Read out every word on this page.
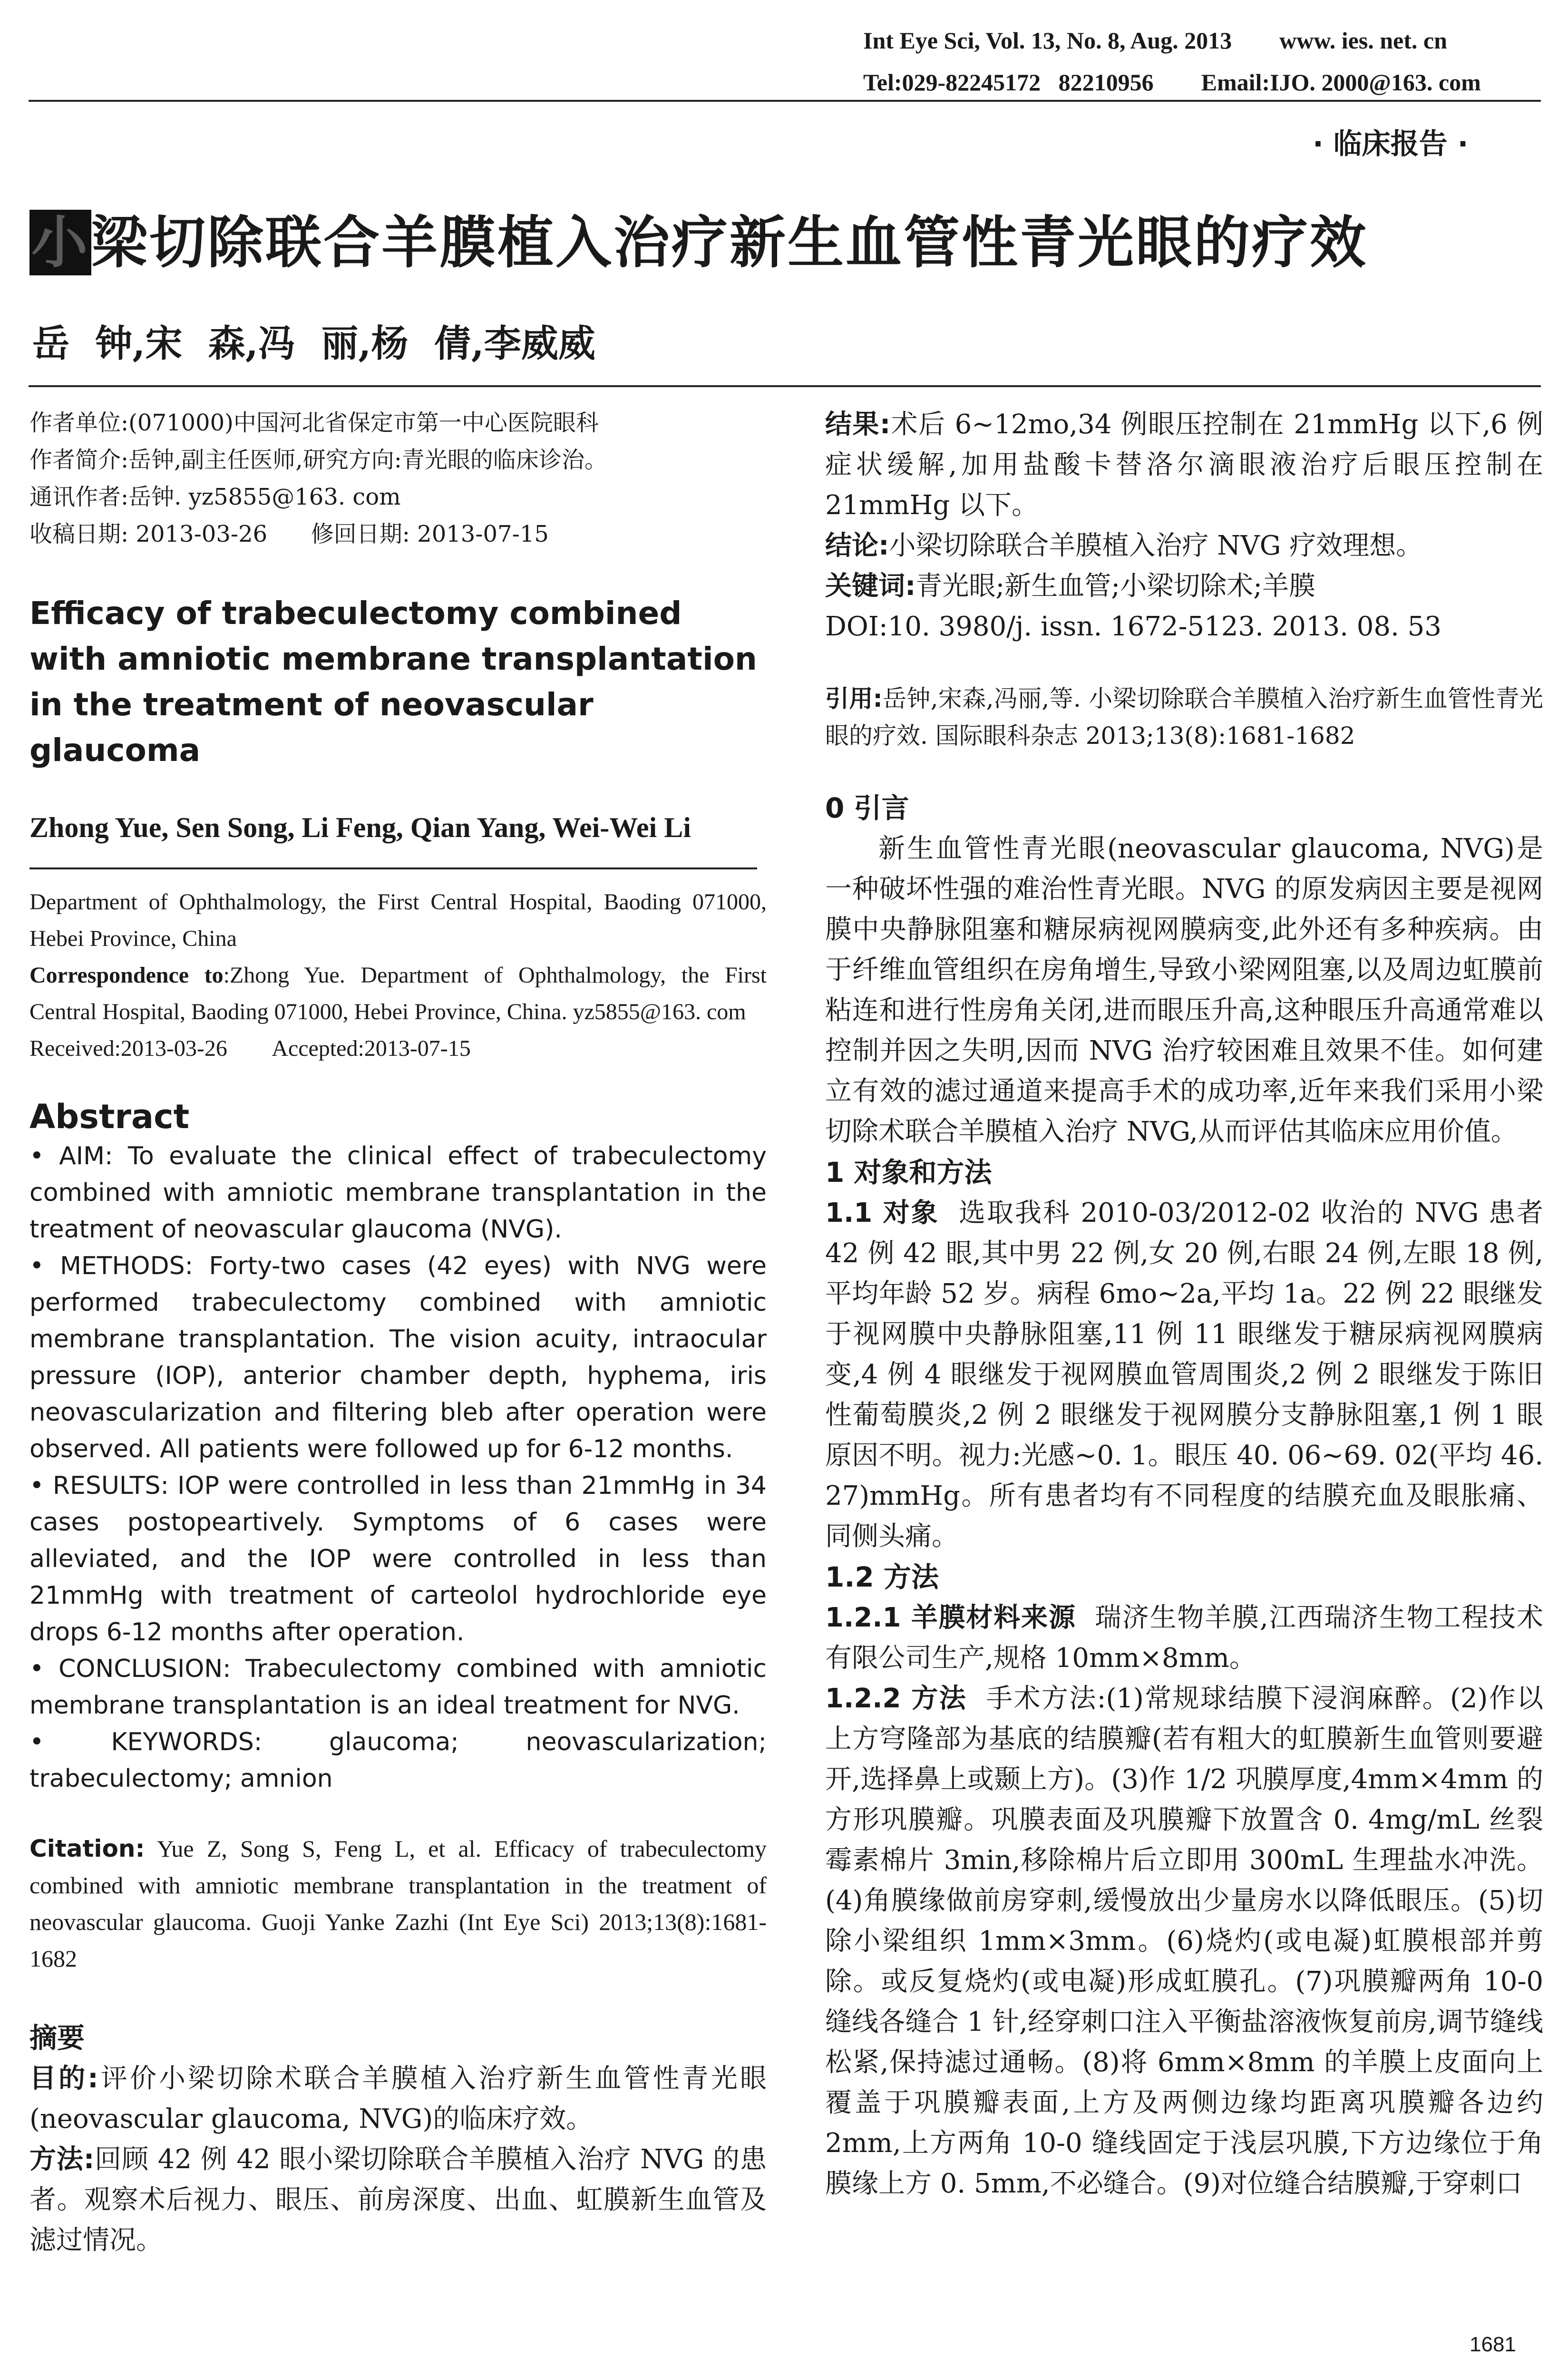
Int Eye Sci, Vol. 13, No. 8, Aug. 2013        www. ies. net. cn
Tel:029-82245172   82210956        Email:IJO. 2000@163. com
· 临床报告 ·
小梁切除联合羊膜植入治疗新生血管性青光眼的疗效
岳  钟,宋  森,冯  丽,杨  倩,李威威

作者单位:(071000)中国河北省保定市第一中心医院眼科

作者简介:岳钟,副主任医师,研究方向:青光眼的临床诊治。

通讯作者:岳钟. yz5855@163. com

收稿日期: 2013-03-26      修回日期: 2013-07-15

Efficacy of trabeculectomy combined with amniotic membrane transplantation in the treatment of neovascular glaucoma
Zhong Yue, Sen Song, Li Feng, Qian Yang, Wei-Wei Li

Department of Ophthalmology, the First Central Hospital, Baoding 071000, Hebei Province, China

Correspondence to:Zhong Yue. Department of Ophthalmology, the First Central Hospital, Baoding 071000, Hebei Province, China. yz5855@163. com

Received:2013-03-26        Accepted:2013-07-15

Abstract

• AIM: To evaluate the clinical effect of trabeculectomy combined with amniotic membrane transplantation in the treatment of neovascular glaucoma (NVG).

• METHODS: Forty-two cases (42 eyes) with NVG were performed trabeculectomy combined with amniotic membrane transplantation. The vision acuity, intraocular pressure (IOP), anterior chamber depth, hyphema, iris neovascularization and filtering bleb after operation were observed. All patients were followed up for 6-12 months.

• RESULTS: IOP were controlled in less than 21mmHg in 34 cases postopeartively. Symptoms of 6 cases were alleviated, and the IOP were controlled in less than 21mmHg with treatment of carteolol hydrochloride eye drops 6-12 months after operation.

• CONCLUSION: Trabeculectomy combined with amniotic membrane transplantation is an ideal treatment for NVG.

• KEYWORDS: glaucoma; neovascularization; trabeculectomy; amnion

Citation: Yue Z, Song S, Feng L, et al. Efficacy of trabeculectomy combined with amniotic membrane transplantation in the treatment of neovascular glaucoma. Guoji Yanke Zazhi (Int Eye Sci) 2013;13(8):1681-1682
摘要

目的:评价小梁切除术联合羊膜植入治疗新生血管性青光眼(neovascular glaucoma, NVG)的临床疗效。

方法:回顾 42 例 42 眼小梁切除联合羊膜植入治疗 NVG 的患者。观察术后视力、眼压、前房深度、出血、虹膜新生血管及滤过情况。

结果:术后 6~12mo,34 例眼压控制在 21mmHg 以下,6 例症状缓解,加用盐酸卡替洛尔滴眼液治疗后眼压控制在 21mmHg 以下。

结论:小梁切除联合羊膜植入治疗 NVG 疗效理想。

关键词:青光眼;新生血管;小梁切除术;羊膜

DOI:10. 3980/j. issn. 1672-5123. 2013. 08. 53

引用:岳钟,宋森,冯丽,等. 小梁切除联合羊膜植入治疗新生血管性青光眼的疗效. 国际眼科杂志 2013;13(8):1681-1682
0 引言

新生血管性青光眼(neovascular glaucoma, NVG)是一种破坏性强的难治性青光眼。NVG 的原发病因主要是视网膜中央静脉阻塞和糖尿病视网膜病变,此外还有多种疾病。由于纤维血管组织在房角增生,导致小梁网阻塞,以及周边虹膜前粘连和进行性房角关闭,进而眼压升高,这种眼压升高通常难以控制并因之失明,因而 NVG 治疗较困难且效果不佳。如何建立有效的滤过通道来提高手术的成功率,近年来我们采用小梁切除术联合羊膜植入治疗 NVG,从而评估其临床应用价值。

1 对象和方法

1.1 对象 选取我科 2010-03/2012-02 收治的 NVG 患者 42 例 42 眼,其中男 22 例,女 20 例,右眼 24 例,左眼 18 例,平均年龄 52 岁。病程 6mo~2a,平均 1a。22 例 22 眼继发于视网膜中央静脉阻塞,11 例 11 眼继发于糖尿病视网膜病变,4 例 4 眼继发于视网膜血管周围炎,2 例 2 眼继发于陈旧性葡萄膜炎,2 例 2 眼继发于视网膜分支静脉阻塞,1 例 1 眼原因不明。视力:光感~0. 1。眼压 40. 06~69. 02(平均 46. 27)mmHg。所有患者均有不同程度的结膜充血及眼胀痛、同侧头痛。

1.2 方法

1.2.1 羊膜材料来源 瑞济生物羊膜,江西瑞济生物工程技术有限公司生产,规格 10mm×8mm。

1.2.2 方法 手术方法:(1)常规球结膜下浸润麻醉。(2)作以上方穹隆部为基底的结膜瓣(若有粗大的虹膜新生血管则要避开,选择鼻上或颞上方)。(3)作 1/2 巩膜厚度,4mm×4mm 的方形巩膜瓣。巩膜表面及巩膜瓣下放置含 0. 4mg/mL 丝裂霉素棉片 3min,移除棉片后立即用 300mL 生理盐水冲洗。(4)角膜缘做前房穿刺,缓慢放出少量房水以降低眼压。(5)切除小梁组织 1mm×3mm。(6)烧灼(或电凝)虹膜根部并剪除。或反复烧灼(或电凝)形成虹膜孔。(7)巩膜瓣两角 10-0 缝线各缝合 1 针,经穿刺口注入平衡盐溶液恢复前房,调节缝线松紧,保持滤过通畅。(8)将 6mm×8mm 的羊膜上皮面向上覆盖于巩膜瓣表面,上方及两侧边缘均距离巩膜瓣各边约 2mm,上方两角 10-0 缝线固定于浅层巩膜,下方边缘位于角膜缘上方 0. 5mm,不必缝合。(9)对位缝合结膜瓣,于穿刺口

1681
